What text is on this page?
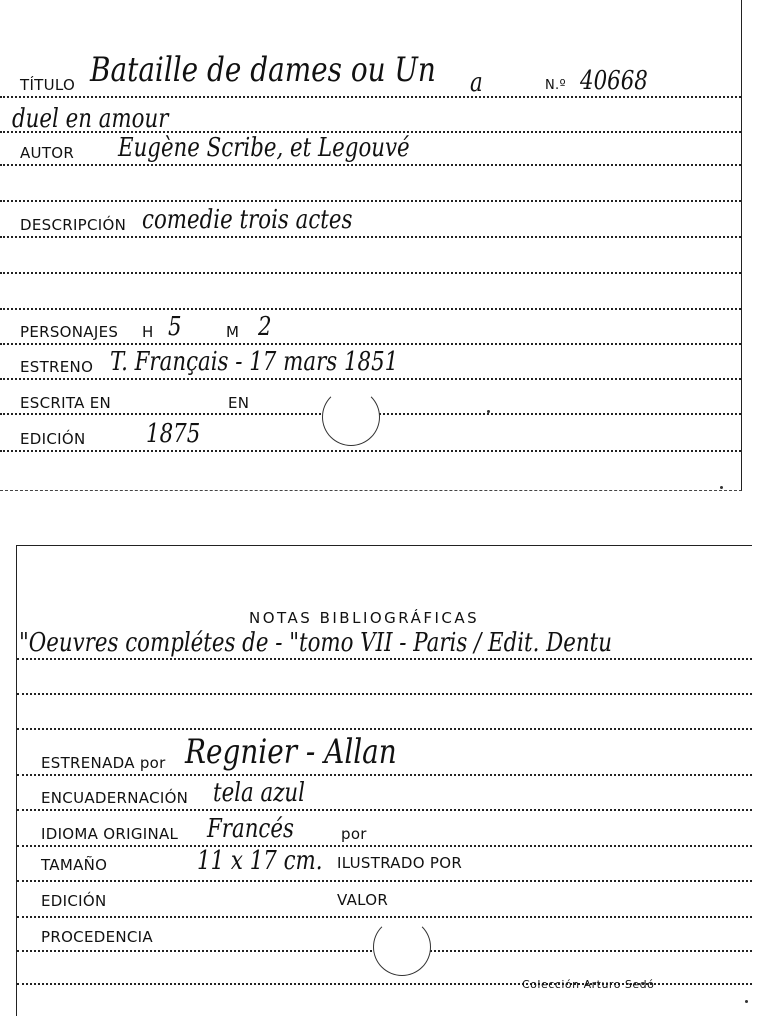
TÍTULO Bataille de dames ou Un a	N.º 40668
duel en amour
AUTOR Eugène Scribe, et Legouvé
DESCRIPCIÓN comedie trois actes
PERSONAJES H 5	M 2
ESTRENO T. Français - 17 mars 1851
ESCRITA EN	EN
EDICIÓN 1875
NOTAS BIBLIOGRÁFICAS
"Oeuvres complétes de - "tomo VII - Paris / Edit. Dentu
ESTRENADA por Regnier - Allan
ENCUADERNACIÓN tela azul
IDIOMA ORIGINAL Francés	por
TAMAÑO	11 x 17 cm. ILUSTRADO POR
EDICIÓN	VALOR
PROCEDENCIA
Colección Arturo Sedó
